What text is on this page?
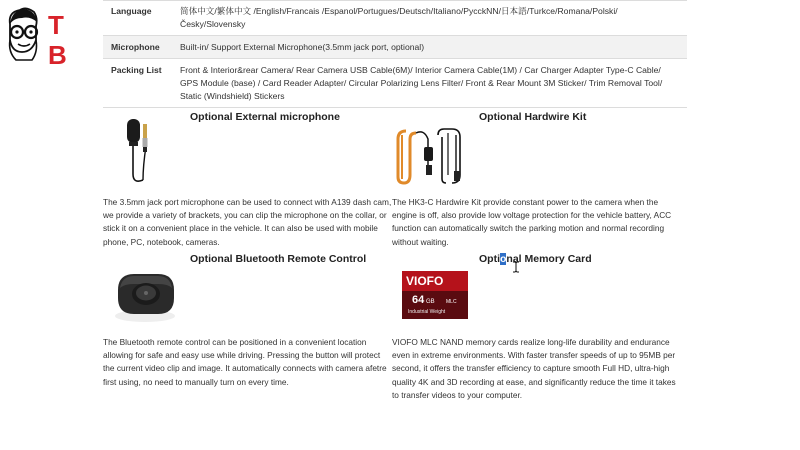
T
B
Language	简体中文/繁体中文 /English/Francais /Espanol/Portugues/Deutsch/Italiano/PycckNN/日本語/Turkce/Romana/Polski/Česky/Slovensky
Microphone	Built-in/ Support External Microphone(3.5mm jack port, optional)
Packing List	Front & Interior&rear Camera/ Rear Camera USB Cable(6M)/ Interior Camera Cable(1M) / Car Charger Adapter Type-C Cable/ GPS Module (base) / Card Reader Adapter/ Circular Polarizing Lens Filter/ Front & Rear Mount 3M Sticker/ Trim Removal Tool/ Static (Windshield) Stickers
Optional External microphone

The 3.5mm jack port microphone can be used to connect with A139 dash cam, we provide a variety of brackets, you can clip the microphone on the collar, or stick it on a convenient place in the vehicle. It can also be used with mobile phone, PC, notebook, cameras.

Optional Hardwire Kit

The HK3-C Hardwire Kit provide constant power to the camera when the engine is off, also provide low voltage protection for the vehicle battery, ACC function can automatically switch the parking motion and normal recording without waiting.

Optional Bluetooth Remote Control

The Bluetooth remote control can be positioned in a convenient location allowing for safe and easy use while driving. Pressing the button will protect the current video clip and image. It automatically connects with camera afetre first using, no need to manually turn on every time.

VIOFO
64 GB MLC
Industrial Weight
Optional Memory Card

VIOFO MLC NAND memory cards realize long-life durability and endurance even in extreme environments. With faster transfer speeds of up to 95MB per second, it offers the transfer efficiency to capture smooth Full HD, ultra-high quality 4K and 3D recording at ease, and significantly reduce the time it takes to transfer videos to your computer.
